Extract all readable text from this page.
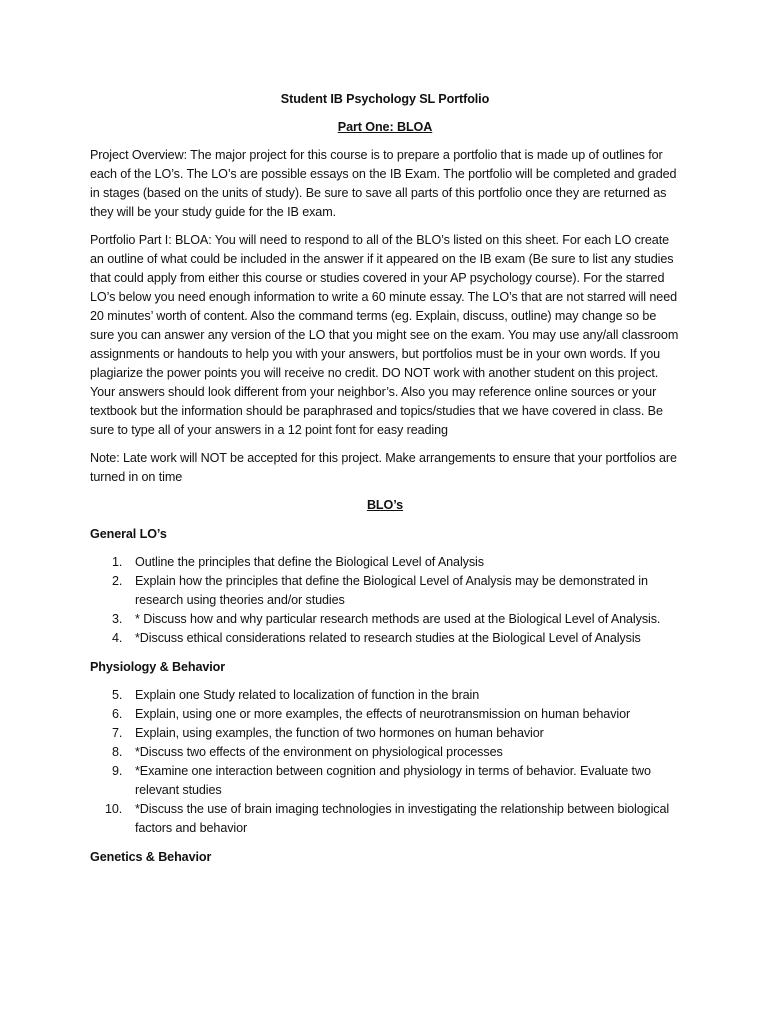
Student IB Psychology SL Portfolio
Part One: BLOA

Project Overview: The major project for this course is to prepare a portfolio that is made up of outlines for each of the LO’s. The LO’s are possible essays on the IB Exam. The portfolio will be completed and graded in stages (based on the units of study). Be sure to save all parts of this portfolio once they are returned as they will be your study guide for the IB exam.

Portfolio Part I: BLOA: You will need to respond to all of the BLO’s listed on this sheet. For each LO create an outline of what could be included in the answer if it appeared on the IB exam (Be sure to list any studies that could apply from either this course or studies covered in your AP psychology course). For the starred LO’s below you need enough information to write a 60 minute essay. The LO’s that are not starred will need 20 minutes’ worth of content. Also the command terms (eg. Explain, discuss, outline) may change so be sure you can answer any version of the LO that you might see on the exam. You may use any/all classroom assignments or handouts to help you with your answers, but portfolios must be in your own words. If you plagiarize the power points you will receive no credit. DO NOT work with another student on this project. Your answers should look different from your neighbor’s. Also you may reference online sources or your textbook but the information should be paraphrased and topics/studies that we have covered in class. Be sure to type all of your answers in a 12 point font for easy reading

Note: Late work will NOT be accepted for this project. Make arrangements to ensure that your portfolios are turned in on time

BLO’s
General LO’s
1.	Outline the principles that define the Biological Level of Analysis
2.	Explain how the principles that define the Biological Level of Analysis may be demonstrated in research using theories and/or studies
3.	* Discuss how and why particular research methods are used at the Biological Level of Analysis.
4.	*Discuss ethical considerations related to research studies at the Biological Level of Analysis
Physiology & Behavior
5.	Explain one Study related to localization of function in the brain
6.	Explain, using one or more examples, the effects of neurotransmission on human behavior
7.	Explain, using examples, the function of two hormones on human behavior
8.	*Discuss two effects of the environment on physiological processes
9.	*Examine one interaction between cognition and physiology in terms of behavior. Evaluate two relevant studies
10.	*Discuss the use of brain imaging technologies in investigating the relationship between biological factors and behavior
Genetics & Behavior
